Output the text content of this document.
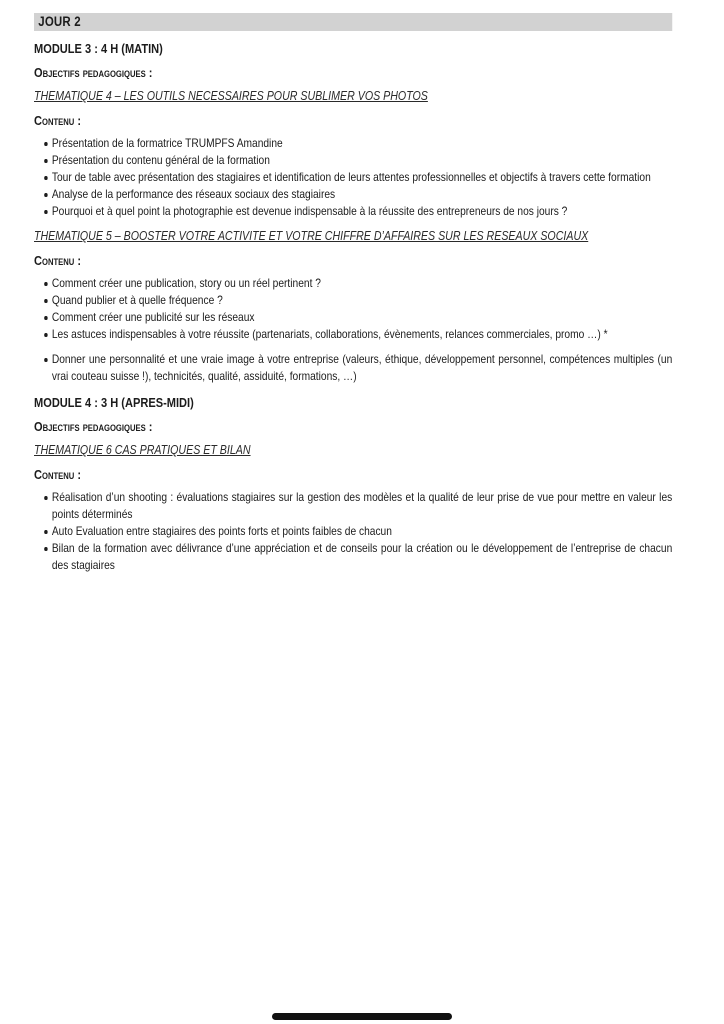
JOUR 2
MODULE 3 : 4 H (MATIN)
Objectifs pedagogiques :
THEMATIQUE 4 – LES OUTILS NECESSAIRES POUR SUBLIMER VOS PHOTOS
Contenu :
Présentation de la formatrice TRUMPFS Amandine
Présentation du contenu général de la formation
Tour de table avec présentation des stagiaires et identification de leurs attentes professionnelles et objectifs à travers cette formation
Analyse de la performance des réseaux sociaux des stagiaires
Pourquoi et à quel point la photographie est devenue indispensable à la réussite des entrepreneurs de nos jours ?
THEMATIQUE 5 – BOOSTER VOTRE ACTIVITE ET VOTRE CHIFFRE D’AFFAIRES SUR LES RESEAUX SOCIAUX
Contenu :
Comment créer une publication, story ou un réel pertinent ?
Quand publier et à quelle fréquence ?
Comment créer une publicité sur les réseaux
Les astuces indispensables à votre réussite (partenariats, collaborations, évènements, relances commerciales, promo …) *
Donner une personnalité et une vraie image à votre entreprise (valeurs, éthique, développement personnel, compétences multiples (un vrai couteau suisse !), technicités, qualité, assiduité, formations, …)
MODULE 4 : 3 H (APRES-MIDI)
Objectifs pedagogiques :
THEMATIQUE 6 CAS PRATIQUES ET BILAN
Contenu :
Réalisation d’un shooting : évaluations stagiaires sur la gestion des modèles et la qualité de leur prise de vue pour mettre en valeur les points déterminés
Auto Evaluation entre stagiaires des points forts et points faibles de chacun
Bilan de la formation avec délivrance d’une appréciation et de conseils pour la création ou le développement de l’entreprise de chacun des stagiaires
